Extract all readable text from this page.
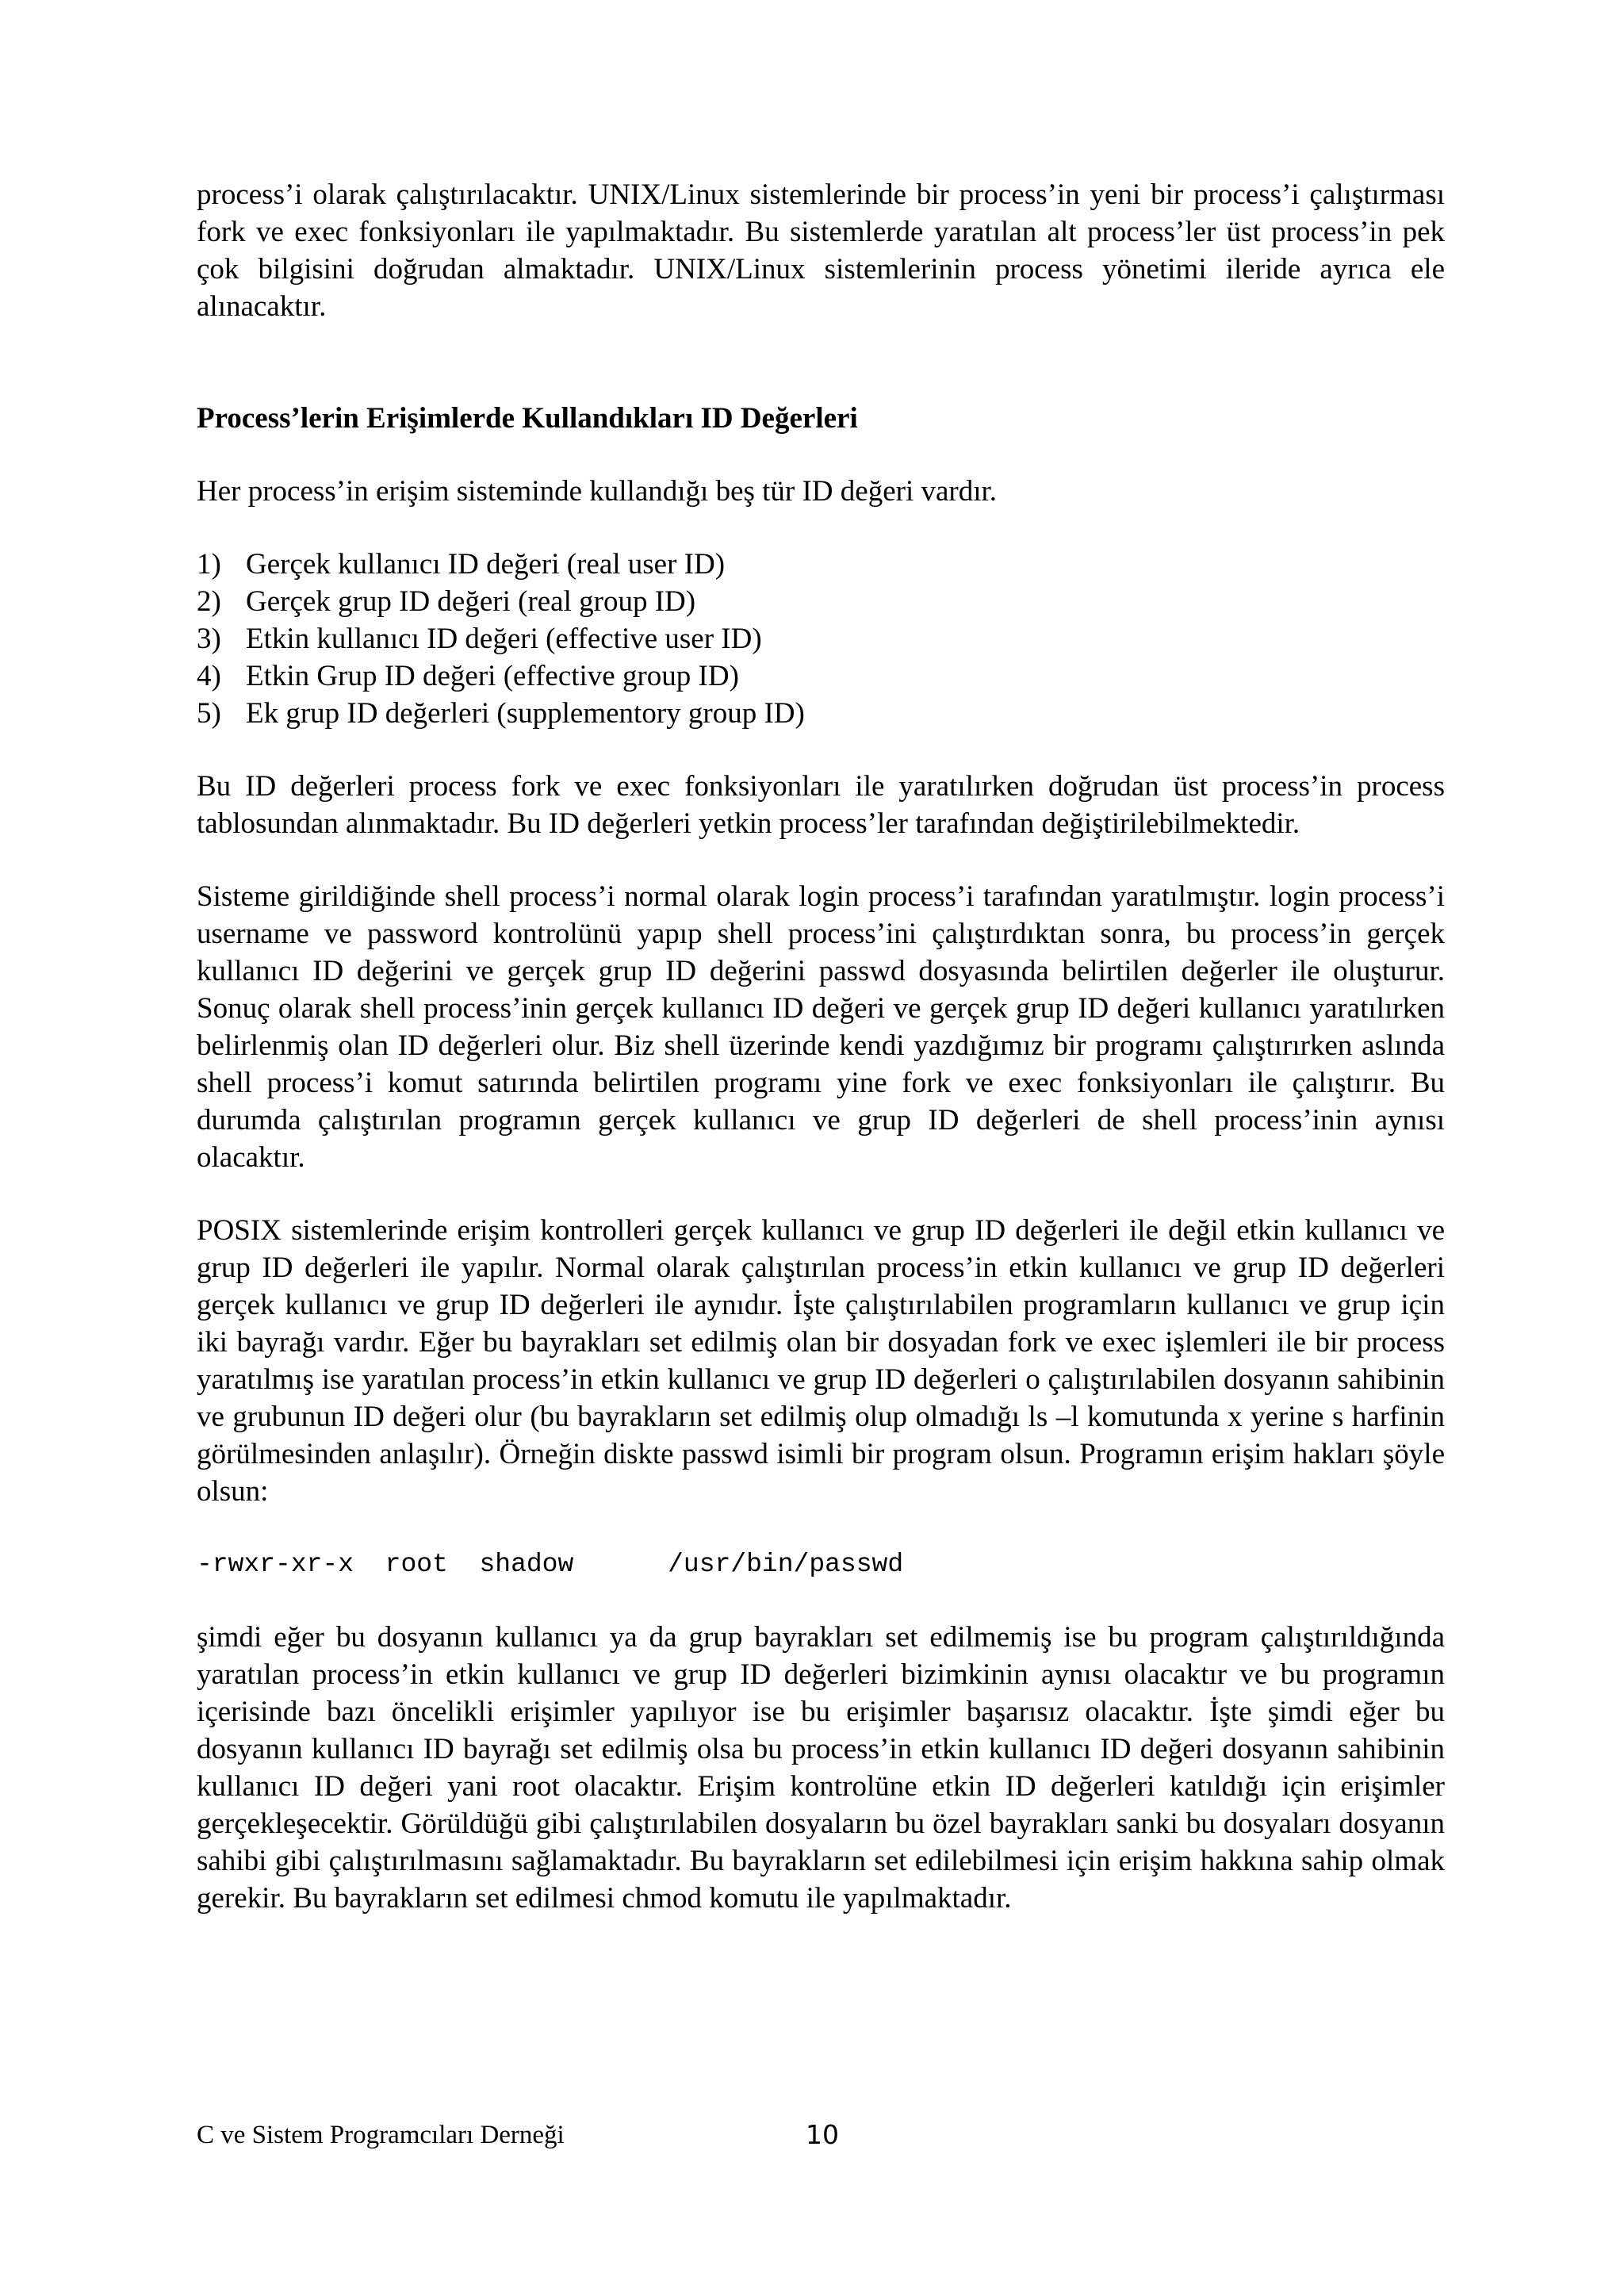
process’i olarak çalıştırılacaktır. UNIX/Linux sistemlerinde bir process’in yeni bir process’i çalıştırması fork ve exec fonksiyonları ile yapılmaktadır. Bu sistemlerde yaratılan alt process’ler üst process’in pek çok bilgisini doğrudan almaktadır. UNIX/Linux sistemlerinin process yönetimi ileride ayrıca ele alınacaktır.

Process’lerin Erişimlerde Kullandıkları ID Değerleri

Her process’in erişim sisteminde kullandığı beş tür ID değeri vardır.

1) Gerçek kullanıcı ID değeri (real user ID)
2) Gerçek grup ID değeri (real group ID)
3) Etkin kullanıcı ID değeri (effective user ID)
4) Etkin Grup ID değeri (effective group ID)
5) Ek grup ID değerleri (supplementory group ID)

Bu ID değerleri process fork ve exec fonksiyonları ile yaratılırken doğrudan üst process’in process tablosundan alınmaktadır. Bu ID değerleri yetkin process’ler tarafından değiştirilebilmektedir.

Sisteme girildiğinde shell process’i normal olarak login process’i tarafından yaratılmıştır. login process’i username ve password kontrolünü yapıp shell process’ini çalıştırdıktan sonra, bu process’in gerçek kullanıcı ID değerini ve gerçek grup ID değerini passwd dosyasında belirtilen değerler ile oluşturur. Sonuç olarak shell process’inin gerçek kullanıcı ID değeri ve gerçek grup ID değeri kullanıcı yaratılırken belirlenmiş olan ID değerleri olur. Biz shell üzerinde kendi yazdığımız bir programı çalıştırırken aslında shell process’i komut satırında belirtilen programı yine fork ve exec fonksiyonları ile çalıştırır. Bu durumda çalıştırılan programın gerçek kullanıcı ve grup ID değerleri de shell process’inin aynısı olacaktır.

POSIX sistemlerinde erişim kontrolleri gerçek kullanıcı ve grup ID değerleri ile değil etkin kullanıcı ve grup ID değerleri ile yapılır. Normal olarak çalıştırılan process’in etkin kullanıcı ve grup ID değerleri gerçek kullanıcı ve grup ID değerleri ile aynıdır. İşte çalıştırılabilen programların kullanıcı ve grup için iki bayrağı vardır. Eğer bu bayrakları set edilmiş olan bir dosyadan fork ve exec işlemleri ile bir process yaratılmış ise yaratılan process’in etkin kullanıcı ve grup ID değerleri o çalıştırılabilen dosyanın sahibinin ve grubunun ID değeri olur (bu bayrakların set edilmiş olup olmadığı ls –l komutunda x yerine s harfinin görülmesinden anlaşılır). Örneğin diskte passwd isimli bir program olsun. Programın erişim hakları şöyle olsun:

-rwxr-xr-x  root  shadow      /usr/bin/passwd

şimdi eğer bu dosyanın kullanıcı ya da grup bayrakları set edilmemiş ise bu program çalıştırıldığında yaratılan process’in etkin kullanıcı ve grup ID değerleri bizimkinin aynısı olacaktır ve bu programın içerisinde bazı öncelikli erişimler yapılıyor ise bu erişimler başarısız olacaktır. İşte şimdi eğer bu dosyanın kullanıcı ID bayrağı set edilmiş olsa bu process’in etkin kullanıcı ID değeri dosyanın sahibinin kullanıcı ID değeri yani root olacaktır. Erişim kontrolüne etkin ID değerleri katıldığı için erişimler gerçekleşecektir. Görüldüğü gibi çalıştırılabilen dosyaların bu özel bayrakları sanki bu dosyaları dosyanın sahibi gibi çalıştırılmasını sağlamaktadır. Bu bayrakların set edilebilmesi için erişim hakkına sahip olmak gerekir. Bu bayrakların set edilmesi chmod komutu ile yapılmaktadır.

C ve Sistem Programcıları Derneği	10
